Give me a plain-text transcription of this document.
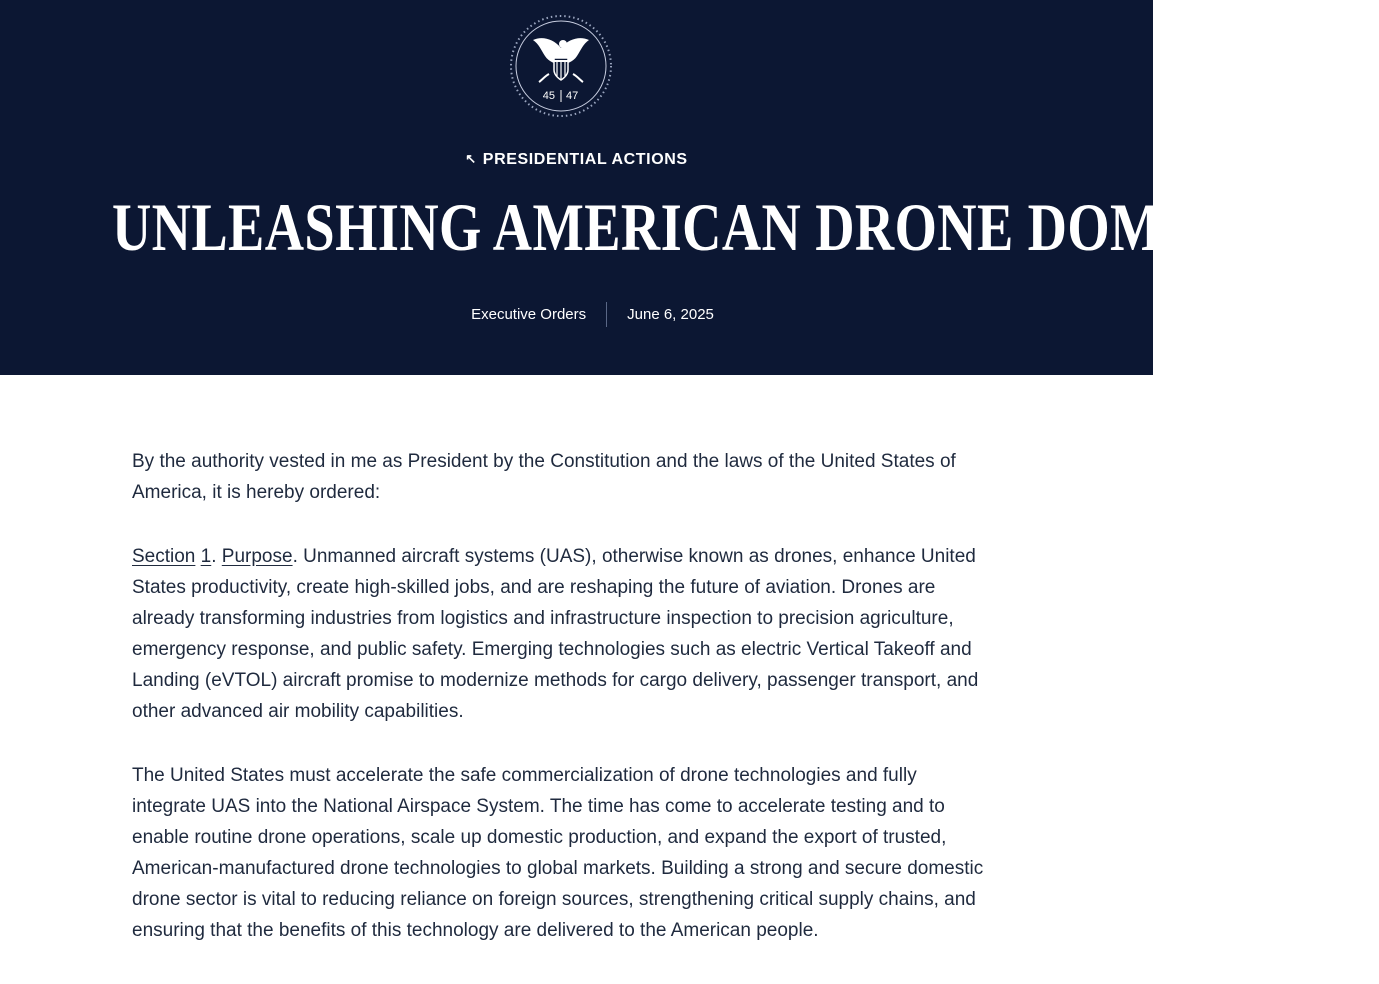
45 47
↖ PRESIDENTIAL ACTIONS
UNLEASHING AMERICAN DRONE DOMINANCE
Executive Orders	June 6, 2025

By the authority vested in me as President by the Constitution and the laws of the United States of America, it is hereby ordered:

Section 1. Purpose. Unmanned aircraft systems (UAS), otherwise known as drones, enhance United States productivity, create high-skilled jobs, and are reshaping the future of aviation. Drones are already transforming industries from logistics and infrastructure inspection to precision agriculture, emergency response, and public safety. Emerging technologies such as electric Vertical Takeoff and Landing (eVTOL) aircraft promise to modernize methods for cargo delivery, passenger transport, and other advanced air mobility capabilities.

The United States must accelerate the safe commercialization of drone technologies and fully integrate UAS into the National Airspace System. The time has come to accelerate testing and to enable routine drone operations, scale up domestic production, and expand the export of trusted, American-manufactured drone technologies to global markets. Building a strong and secure domestic drone sector is vital to reducing reliance on foreign sources, strengthening critical supply chains, and ensuring that the benefits of this technology are delivered to the American people.
